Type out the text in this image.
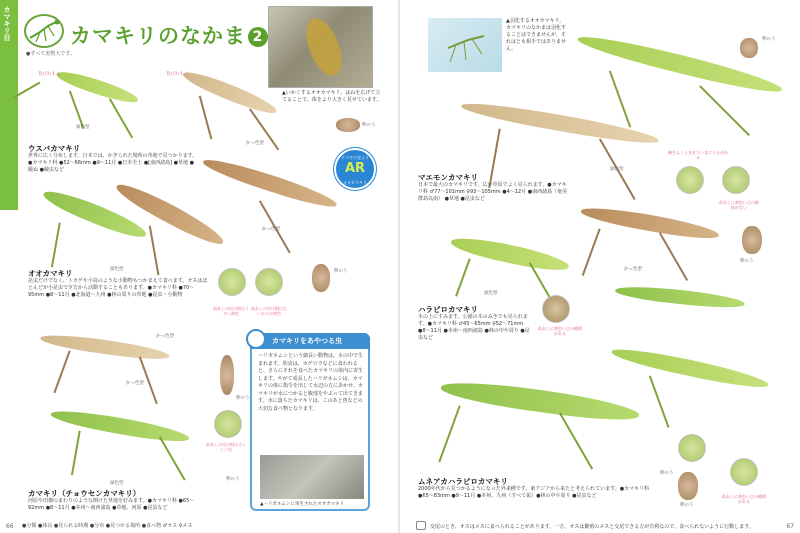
カマキリ目	カマキリのなかま 2
●すべて実物大です。
▲いかくするオオカマキリ。はねを広げて立てることで、体をより大きく見せています。
背びれもん	背びれもん
緑色型
かっ色型
卵のう
ウスバカマキリ
世界に広く分布します。日本では、かぎられた場所の草地で見つかります。●カマキリ科 ●52〜66mm ●9〜11月 ●日本全土 ●[南西諸島] ●草地 ●競ぬ ●競虫など
スマホで見よう
AR
オオカマキリ
かっ色型
緑色型
オオカマキリ
昆虫だけでなく、トカゲや小鳥のような小動物もつかまえて食べます。オスはほとんどが小昆虫で夕方から活動することもあります。●カマキリ科 ●70〜95mm ●8〜11月 ●北海道〜九州 ●林の周りの草地 ●昆虫・小動物
前あしの付け根はうすい黄色
前あしの付け根は広いひらが黄色
卵のう
かっ色型
緑色型
卵のう
前あしの付け根はオレンジ色
卵のう
かっ色型
カマキリ（チョウセンカマキリ）
河原や田畑のまわりのような開けた草地を好みます。●カマキリ科 ●65〜92mm ●8〜11月 ●本州〜南西諸島 ●草地、河原 ●昆虫など
カマキリをあやつる虫
ハリガネムシという細長い動物は、水の中で生まれます。幼虫は、カゲロウなどに食われると、さらにそれを食べたカマキリの体内に寄生します。やがて成長したハリガネムシは、カマキリの体に指令を出して水辺の方に歩かせ、カマキリが水につかると腹部をやぶって出てきます。水に落ちたカマキリは、このあと魚などの大切な食べ物となります。
▲ハリガネムシに寄生されたオオカマキリ
●分類 ●体長 ●見られる時期 ●分布 ●見つかる場所 ●食べ物 ♂オス ♀メス
66
▲羽化するオオカマキリ。カマキリのなかまは羽化することはできませんが、それはとも相手ではありません。
卵のう
胸をふくらませたいきにらむがある
緑色型
前あしに黄色い点の模様がない
マエモンカマキリ
日本で最大のカマキリです。広い草原でよく見られます。●カマキリ科 ♂77〜101mm ♀93〜105mm ●4〜12月 ●南西諸島（奄美群島以南） ●草地 ●昆虫など
卵のう
かっ色型
前あしに黄色い点の模様がある
緑色型
ハラビロカマキリ
木の上にすみます。公園の木のみきでも見られます。●カマキリ科 ♂45〜65mm ♀52〜71mm ●8〜11月 ●本州〜南西諸島 ●林の中や周り ●昆虫など
前あしに黄色い点の模様がある
卵のう
卵のう
ムネアカハラビロカマキリ
2000年代から見つかるようになった外来種です。東アジアから来たと考えられています。●カマキリ科 ●65〜83mm ●9〜11月 ●本州、九州（すべて仮）●林の中や周り ●昆虫など
交尾のとき、オスはメスに食べられることがあります。一方、オスは繁殖のメスと交尾できる方が有利なので、食べられないように行動します。	67
